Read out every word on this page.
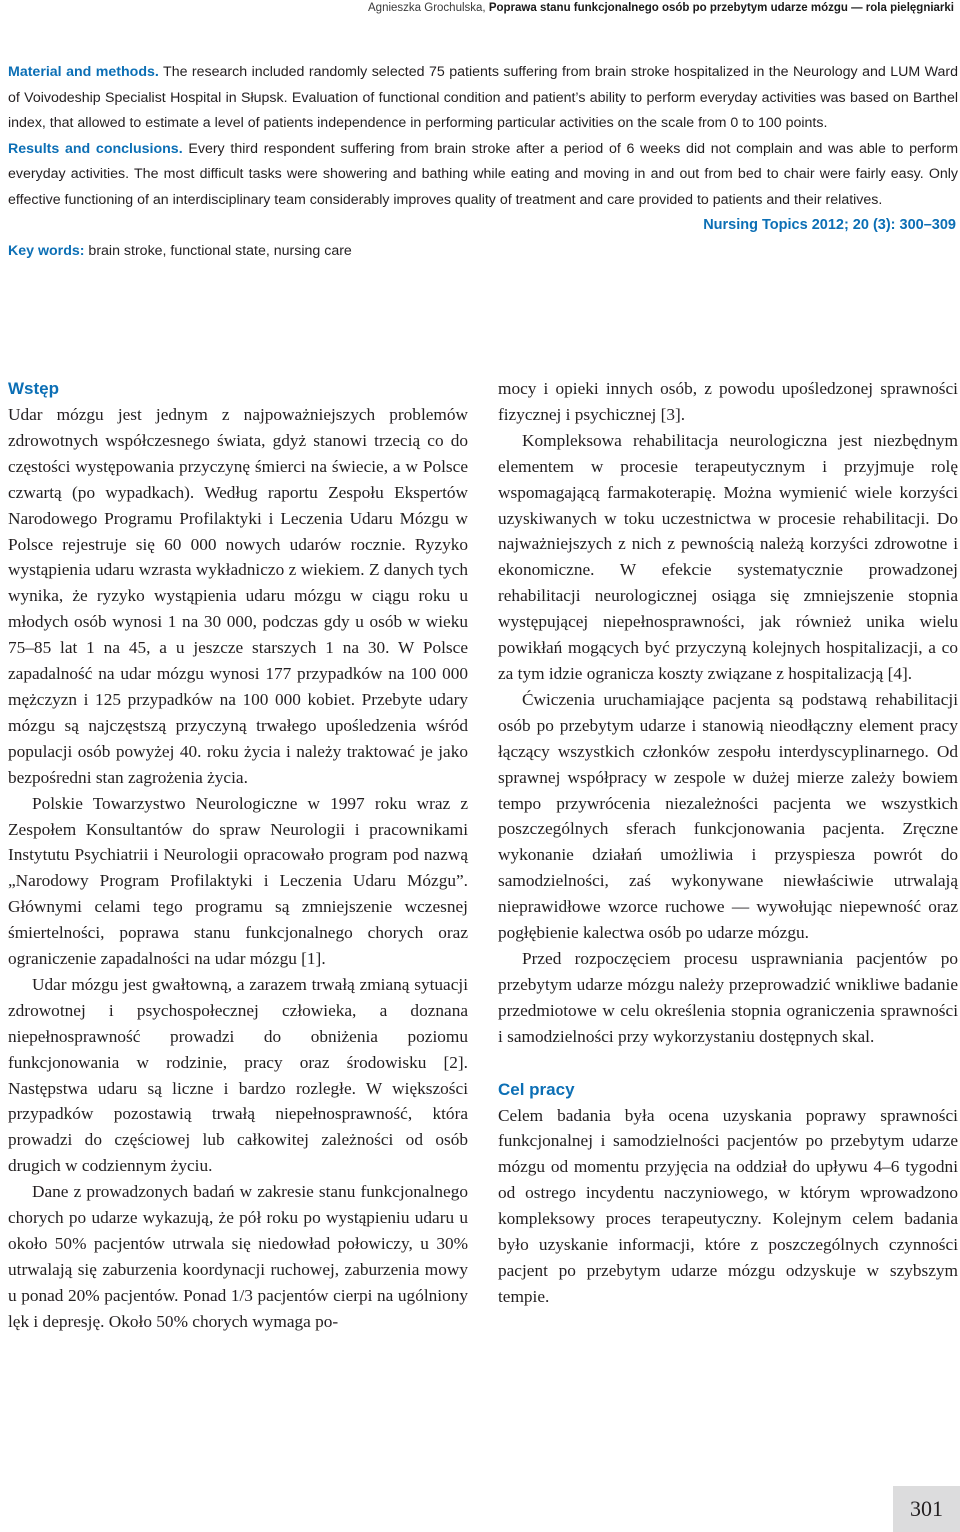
Agnieszka Grochulska, Poprawa stanu funkcjonalnego osób po przebytym udarze mózgu — rola pielęgniarki

Material and methods. The research included randomly selected 75 patients suffering from brain stroke hospitalized in the Neurology and LUM Ward of Voivodeship Specialist Hospital in Słupsk. Evaluation of functional condition and patient’s ability to perform everyday activities was based on Barthel index, that allowed to estimate a level of patients independence in performing particular activities on the scale from 0 to 100 points.

Results and conclusions. Every third respondent suffering from brain stroke after a period of 6 weeks did not complain and was able to perform everyday activities. The most difficult tasks were showering and bathing while eating and moving in and out from bed to chair were fairly easy. Only effective functioning of an interdisciplinary team considerably improves quality of treatment and care provided to patients and their relatives.

Nursing Topics 2012; 20 (3): 300–309

Key words: brain stroke, functional state, nursing care

Wstęp

Udar mózgu jest jednym z najpoważniejszych problemów zdrowotnych współczesnego świata, gdyż stanowi trzecią co do częstości występowania przyczynę śmierci na świecie, a w Polsce czwartą (po wypadkach). Według raportu Zespołu Ekspertów Narodowego Programu Profilaktyki i Leczenia Udaru Mózgu w Polsce rejestruje się 60 000 nowych udarów rocznie. Ryzyko wystąpienia udaru wzrasta wykładniczo z wiekiem. Z danych tych wynika, że ryzyko wystąpienia udaru mózgu w ciągu roku u młodych osób wynosi 1 na 30 000, podczas gdy u osób w wieku 75–85 lat 1 na 45, a u jeszcze starszych 1 na 30. W Polsce zapadalność na udar mózgu wynosi 177 przypadków na 100 000 mężczyzn i 125 przypadków na 100 000 kobiet. Przebyte udary mózgu są najczęstszą przyczyną trwałego upośledzenia wśród populacji osób powyżej 40. roku życia i należy traktować je jako bezpośredni stan zagrożenia życia.

Polskie Towarzystwo Neurologiczne w 1997 roku wraz z Zespołem Konsultantów do spraw Neurologii i pracownikami Instytutu Psychiatrii i Neurologii opracowało program pod nazwą „Narodowy Program Profilaktyki i Leczenia Udaru Mózgu”. Głównymi celami tego programu są zmniejszenie wczesnej śmiertelności, poprawa stanu funkcjonalnego chorych oraz ograniczenie zapadalności na udar mózgu [1].

Udar mózgu jest gwałtowną, a zarazem trwałą zmianą sytuacji zdrowotnej i psychospołecznej człowieka, a doznana niepełnosprawność prowadzi do obniżenia poziomu funkcjonowania w rodzinie, pracy oraz środowisku [2]. Następstwa udaru są liczne i bardzo rozległe. W większości przypadków pozostawią trwałą niepełnosprawność, która prowadzi do częściowej lub całkowitej zależności od osób drugich w codziennym życiu.

Dane z prowadzonych badań w zakresie stanu funkcjonalnego chorych po udarze wykazują, że pół roku po wystąpieniu udaru u około 50% pacjentów utrwala się niedowład połowiczy, u 30% utrwalają się zaburzenia koordynacji ruchowej, zaburzenia mowy u ponad 20% pacjentów. Ponad 1/3 pacjentów cierpi na ugólniony lęk i depresję. Około 50% chorych wymaga po-

mocy i opieki innych osób, z powodu upośledzonej sprawności fizycznej i psychicznej [3].

Kompleksowa rehabilitacja neurologiczna jest niezbędnym elementem w procesie terapeutycznym i przyjmuje rolę wspomagającą farmakoterapię. Można wymienić wiele korzyści uzyskiwanych w toku uczestnictwa w procesie rehabilitacji. Do najważniejszych z nich z pewnością należą korzyści zdrowotne i ekonomiczne. W efekcie systematycznie prowadzonej rehabilitacji neurologicznej osiąga się zmniejszenie stopnia występującej niepełnosprawności, jak również unika wielu powikłań mogących być przyczyną kolejnych hospitalizacji, a co za tym idzie ogranicza koszty związane z hospitalizacją [4].

Ćwiczenia uruchamiające pacjenta są podstawą rehabilitacji osób po przebytym udarze i stanowią nieodłączny element pracy łączący wszystkich członków zespołu interdyscyplinarnego. Od sprawnej współpracy w zespole w dużej mierze zależy bowiem tempo przywrócenia niezależności pacjenta we wszystkich poszczególnych sferach funkcjonowania pacjenta. Zręczne wykonanie działań umożliwia i przyspiesza powrót do samodzielności, zaś wykonywane niewłaściwie utrwalają nieprawidłowe wzorce ruchowe — wywołując niepewność oraz pogłębienie kalectwa osób po udarze mózgu.

Przed rozpoczęciem procesu usprawniania pacjentów po przebytym udarze mózgu należy przeprowadzić wnikliwe badanie przedmiotowe w celu określenia stopnia ograniczenia sprawności i samodzielności przy wykorzystaniu dostępnych skal.

Cel pracy

Celem badania była ocena uzyskania poprawy sprawności funkcjonalnej i samodzielności pacjentów po przebytym udarze mózgu od momentu przyjęcia na oddział do upływu 4–6 tygodni od ostrego incydentu naczyniowego, w którym wprowadzono kompleksowy proces terapeutyczny. Kolejnym celem badania było uzyskanie informacji, które z poszczególnych czynności pacjent po przebytym udarze mózgu odzyskuje w szybszym tempie.

301
